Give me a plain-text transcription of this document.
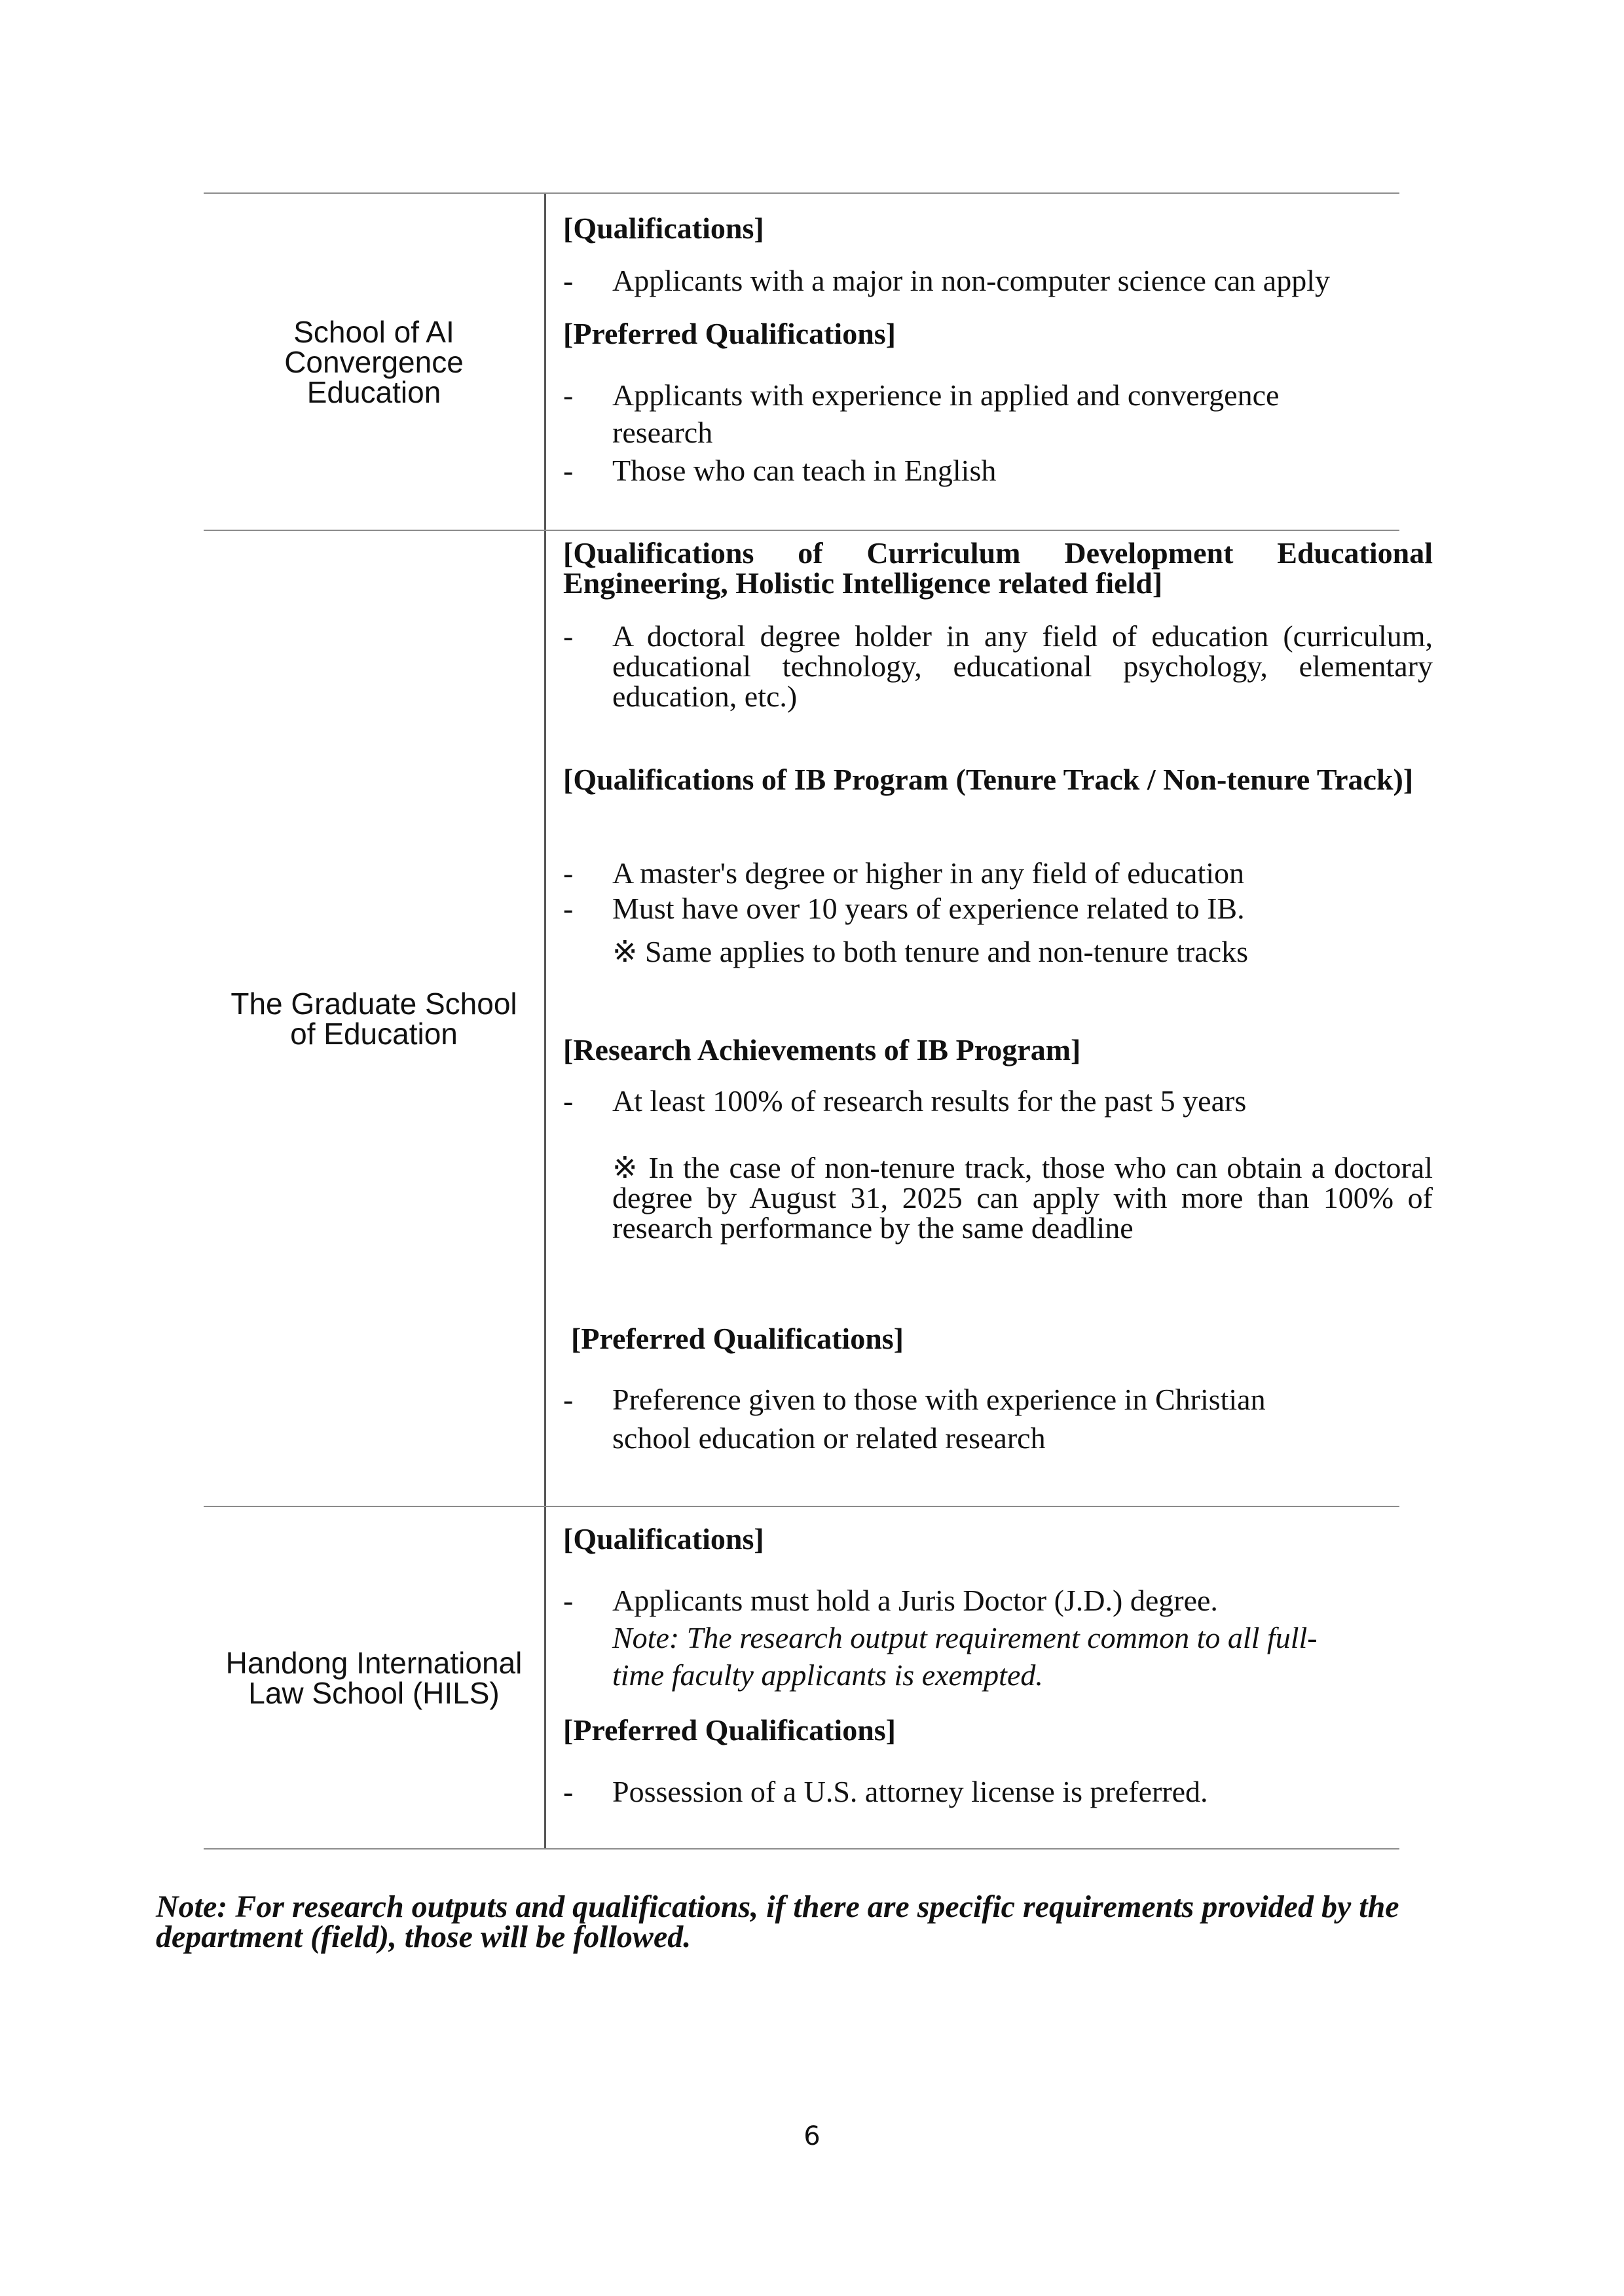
School of AI
Convergence
Education
[Qualifications]
- Applicants with a major in non-computer science can apply
[Preferred Qualifications]
- Applicants with experience in applied and convergence
research
- Those who can teach in English
The Graduate School
of Education
[Qualifications of Curriculum Development Educational Engineering, Holistic Intelligence related field]
- A doctoral degree holder in any field of education (curriculum, educational technology, educational psychology, elementary education, etc.)
[Qualifications of IB Program (Tenure Track / Non-tenure Track)]
- A master's degree or higher in any field of education
- Must have over 10 years of experience related to IB.
※ Same applies to both tenure and non-tenure tracks
[Research Achievements of IB Program]
- At least 100% of research results for the past 5 years
※ In the case of non-tenure track, those who can obtain a doctoral degree by August 31, 2025 can apply with more than 100% of research performance by the same deadline
[Preferred Qualifications]
- Preference given to those with experience in Christian
school education or related research
Handong International
Law School (HILS)
[Qualifications]
- Applicants must hold a Juris Doctor (J.D.) degree.
Note: The research output requirement common to all full-
time faculty applicants is exempted.
[Preferred Qualifications]
- Possession of a U.S. attorney license is preferred.
Note: For research outputs and qualifications, if there are specific requirements provided by the department (field), those will be followed.
6
